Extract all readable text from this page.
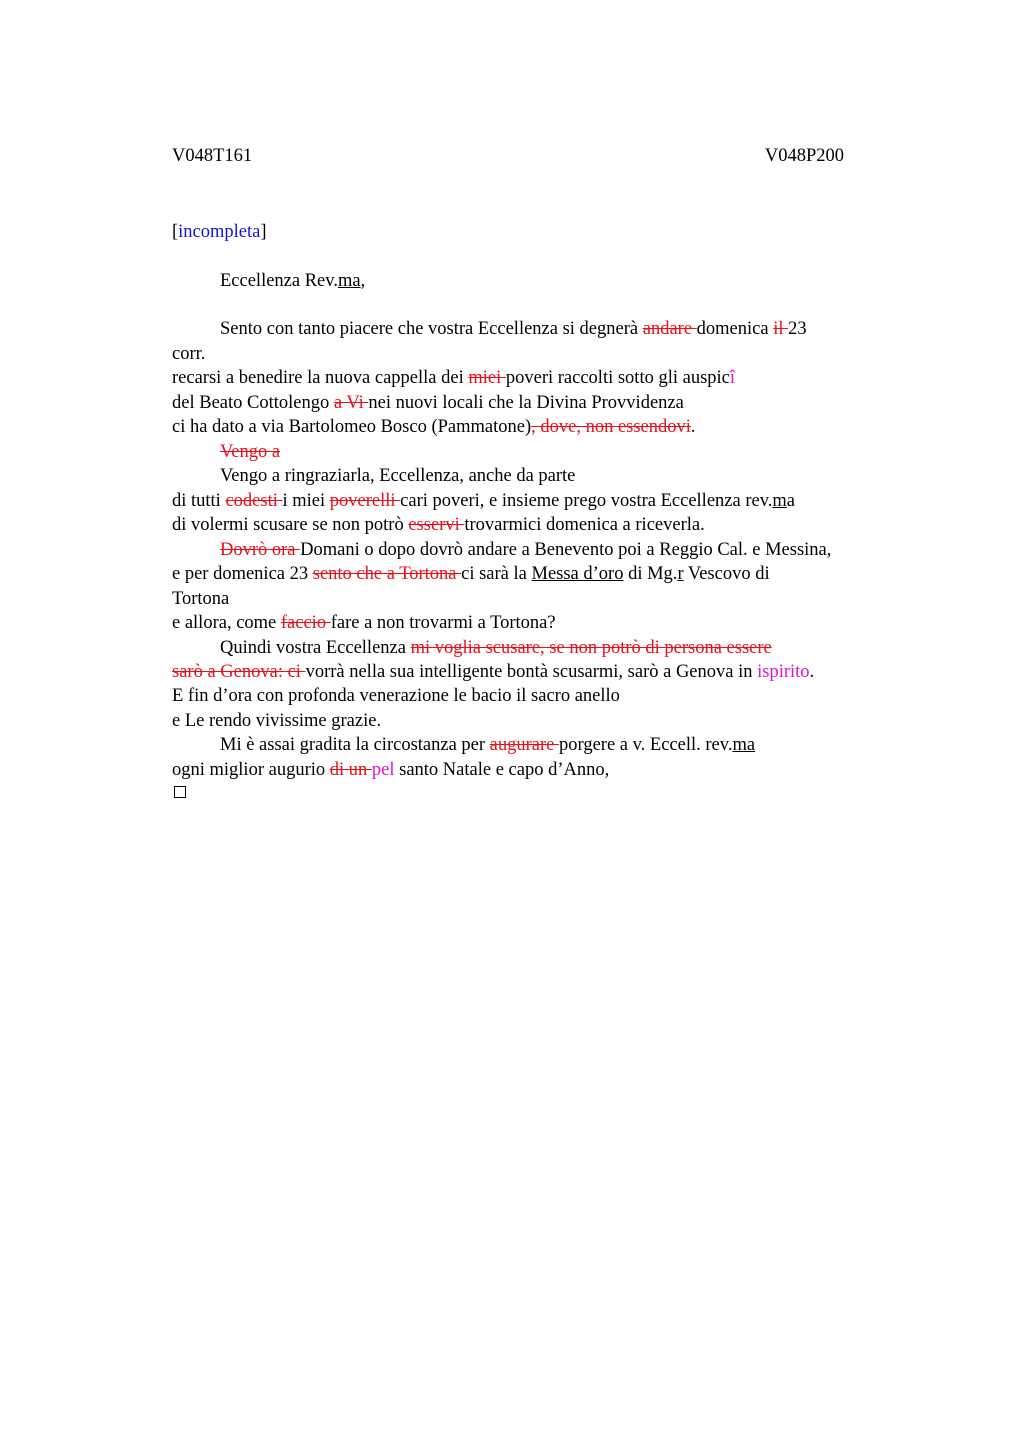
V048T161	V048P200
[incompleta]
Eccellenza Rev.ma,
Sento con tanto piacere che vostra Eccellenza si degnerà andare domenica il 23
corr.
recarsi a benedire la nuova cappella dei miei poveri raccolti sotto gli auspicî
del Beato Cottolengo a Vi nei nuovi locali che la Divina Provvidenza
ci ha dato a via Bartolomeo Bosco (Pammatone), dove, non essendovi.
Vengo a
Vengo a ringraziarla, Eccellenza, anche da parte
di tutti codesti i miei poverelli cari poveri, e insieme prego vostra Eccellenza rev.ma
di volermi scusare se non potrò esservi trovarmici domenica a riceverla.
Dovrò ora Domani o dopo dovrò andare a Benevento poi a Reggio Cal. e Messina,
e per domenica 23 sento che a Tortona ci sarà la Messa d’oro di Mg.r Vescovo di
Tortona
e allora, come faccio fare a non trovarmi a Tortona?
Quindi vostra Eccellenza mi voglia scusare, se non potrò di persona essere
sarò a Genova: ci vorrà nella sua intelligente bontà scusarmi, sarò a Genova in ispirito.
E fin d’ora con profonda venerazione le bacio il sacro anello
e Le rendo vivissime grazie.
Mi è assai gradita la circostanza per augurare porgere a v. Eccell. rev.ma
ogni miglior augurio di un pel santo Natale e capo d’Anno,
